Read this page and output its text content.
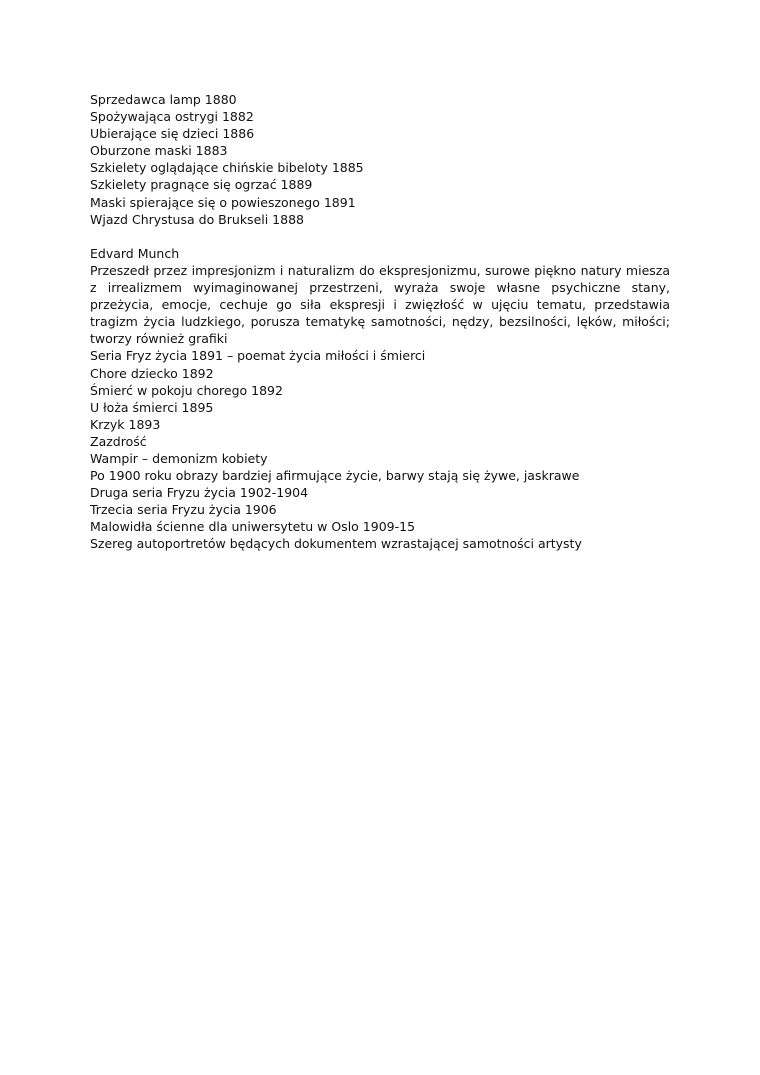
Sprzedawca lamp 1880
Spożywająca ostrygi 1882
Ubierające się dzieci 1886
Oburzone maski 1883
Szkielety oglądające chińskie bibeloty 1885
Szkielety pragnące się ogrzać 1889
Maski spierające się o powieszonego 1891
Wjazd Chrystusa do Brukseli 1888
Edvard Munch

Przeszedł przez impresjonizm i naturalizm do ekspresjonizmu, surowe piękno natury miesza z irrealizmem wyimaginowanej przestrzeni, wyraża swoje własne psychiczne stany, przeżycia, emocje, cechuje go siła ekspresji i zwięzłość w ujęciu tematu, przedstawia tragizm życia ludzkiego, porusza tematykę samotności, nędzy, bezsilności, lęków, miłości; tworzy również grafiki

Seria Fryz życia 1891 – poemat życia miłości i śmierci
Chore dziecko 1892
Śmierć w pokoju chorego 1892
U łoża śmierci 1895
Krzyk 1893
Zazdrość
Wampir – demonizm kobiety
Po 1900 roku obrazy bardziej afirmujące życie, barwy stają się żywe, jaskrawe
Druga seria Fryzu życia 1902-1904
Trzecia seria Fryzu życia 1906
Malowidła ścienne dla uniwersytetu w Oslo 1909-15
Szereg autoportretów będących dokumentem wzrastającej samotności artysty
